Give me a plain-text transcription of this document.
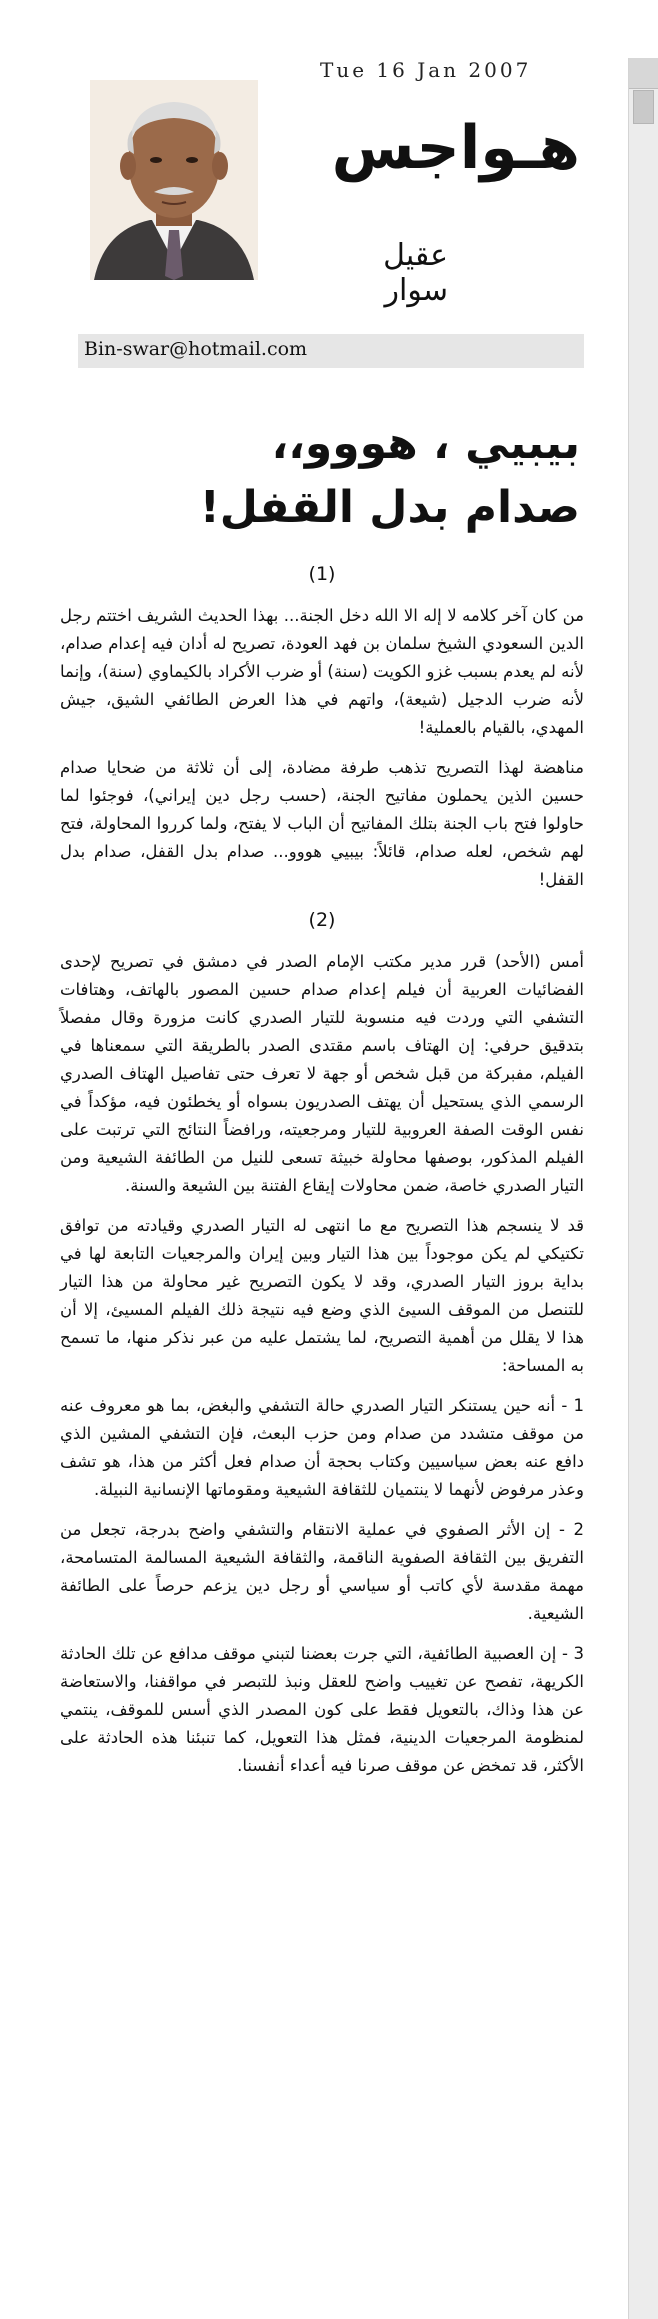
Tue 16 Jan 2007
هـواجس
عقيل سوار
Bin-swar@hotmail.com
بيبيي ، هووو،،
صدام بدل القفل!
(1)

من كان آخر كلامه لا إله الا الله دخل الجنة... بهذا الحديث الشريف اختتم رجل الدين السعودي الشيخ سلمان بن فهد العودة، تصريح له أدان فيه إعدام صدام، لأنه لم يعدم بسبب غزو الكويت (سنة) أو ضرب الأكراد بالكيماوي (سنة)، وإنما لأنه ضرب الدجيل (شيعة)، واتهم في هذا العرض الطائفي الشيق، جيش المهدي، بالقيام بالعملية!

مناهضة لهذا التصريح تذهب طرفة مضادة، إلى أن ثلاثة من ضحايا صدام حسين الذين يحملون مفاتيح الجنة، (حسب رجل دين إيراني)، فوجئوا لما حاولوا فتح باب الجنة بتلك المفاتيح أن الباب لا يفتح، ولما كرروا المحاولة، فتح لهم شخص، لعله صدام، قائلاً: بيبيي هووو... صدام بدل القفل، صدام بدل القفل!

(2)

أمس (الأحد) قرر مدير مكتب الإمام الصدر في دمشق في تصريح لإحدى الفضائيات العربية أن فيلم إعدام صدام حسين المصور بالهاتف، وهتافات التشفي التي وردت فيه منسوبة للتيار الصدري كانت مزورة وقال مفصلاً بتدقيق حرفي: إن الهتاف باسم مقتدى الصدر بالطريقة التي سمعناها في الفيلم، مفبركة من قبل شخص أو جهة لا تعرف حتى تفاصيل الهتاف الصدري الرسمي الذي يستحيل أن يهتف الصدريون بسواه أو يخطئون فيه، مؤكداً في نفس الوقت الصفة العروبية للتيار ومرجعيته، ورافضاً النتائج التي ترتبت على الفيلم المذكور، بوصفها محاولة خبيثة تسعى للنيل من الطائفة الشيعية ومن التيار الصدري خاصة، ضمن محاولات إيقاع الفتنة بين الشيعة والسنة.

قد لا ينسجم هذا التصريح مع ما انتهى له التيار الصدري وقيادته من توافق تكتيكي لم يكن موجوداً بين هذا التيار وبين إيران والمرجعيات التابعة لها في بداية بروز التيار الصدري، وقد لا يكون التصريح غير محاولة من هذا التيار للتنصل من الموقف السيئ الذي وضع فيه نتيجة ذلك الفيلم المسيئ، إلا أن هذا لا يقلل من أهمية التصريح، لما يشتمل عليه من عبر نذكر منها، ما تسمح به المساحة:

1 - أنه حين يستنكر التيار الصدري حالة التشفي والبغض، بما هو معروف عنه من موقف متشدد من صدام ومن حزب البعث، فإن التشفي المشين الذي دافع عنه بعض سياسيين وكتاب بحجة أن صدام فعل أكثر من هذا، هو تشف وعذر مرفوض لأنهما لا ينتميان للثقافة الشيعية ومقوماتها الإنسانية النبيلة.

2 - إن الأثر الصفوي في عملية الانتقام والتشفي واضح بدرجة، تجعل من التفريق بين الثقافة الصفوية الناقمة، والثقافة الشيعية المسالمة المتسامحة، مهمة مقدسة لأي كاتب أو سياسي أو رجل دين يزعم حرصاً على الطائفة الشيعية.

3 - إن العصبية الطائفية، التي جرت بعضنا لتبني موقف مدافع عن تلك الحادثة الكريهة، تفصح عن تغييب واضح للعقل ونبذ للتبصر في مواقفنا، والاستعاضة عن هذا وذاك، بالتعويل فقط على كون المصدر الذي أسس للموقف، ينتمي لمنظومة المرجعيات الدينية، فمثل هذا التعويل، كما تنبئنا هذه الحادثة على الأكثر، قد تمخض عن موقف صرنا فيه أعداء أنفسنا.
